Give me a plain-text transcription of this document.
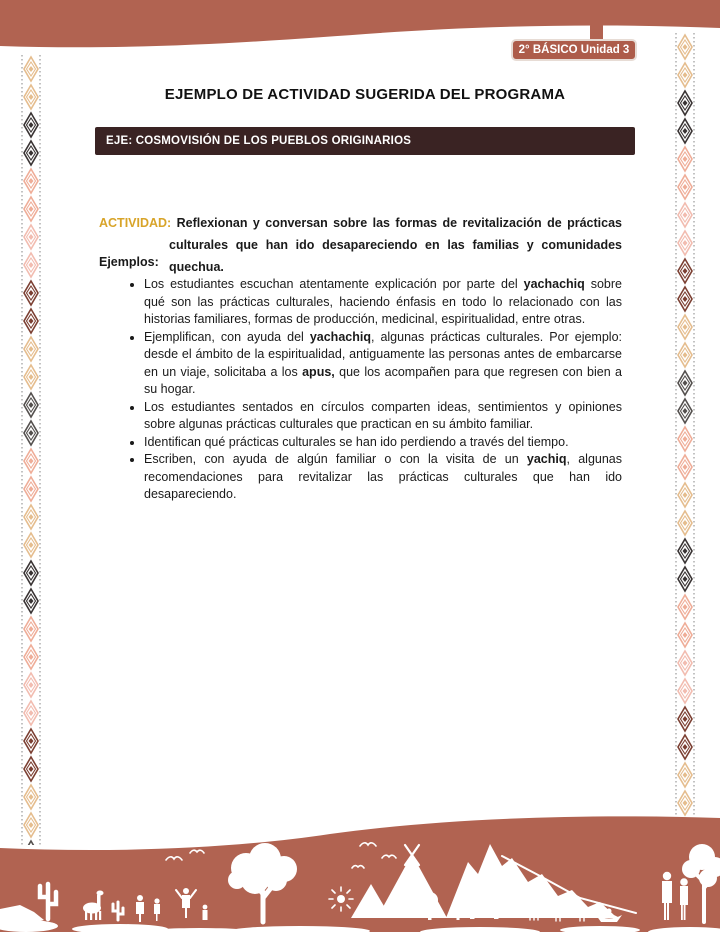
2° BÁSICO Unidad 3
EJEMPLO DE ACTIVIDAD SUGERIDA DEL PROGRAMA
EJE: COSMOVISIÓN DE LOS PUEBLOS ORIGINARIOS

ACTIVIDAD: Reflexionan y conversan sobre las formas de revitalización de prácticas culturales que han ido desapareciendo en las familias y comunidades quechua.

Ejemplos:
• Los estudiantes escuchan atentamente explicación por parte del yachachiq sobre qué son las prácticas culturales, haciendo énfasis en todo lo relacionado con las historias familiares, formas de producción, medicinal, espiritualidad, entre otras.
• Ejemplifican, con ayuda del yachachiq, algunas prácticas culturales. Por ejemplo: desde el ámbito de la espiritualidad, antiguamente las personas antes de embarcarse en un viaje, solicitaba a los apus, que los acompañen para que regresen con bien a su hogar.
• Los estudiantes sentados en círculos comparten ideas, sentimientos y opiniones sobre algunas prácticas culturales que practican en su ámbito familiar.
• Identifican qué prácticas culturales se han ido perdiendo a través del tiempo.
• Escriben, con ayuda de algún familiar o con la visita de un yachiq, algunas recomendaciones para revitalizar las prácticas culturales que han ido desapareciendo.
